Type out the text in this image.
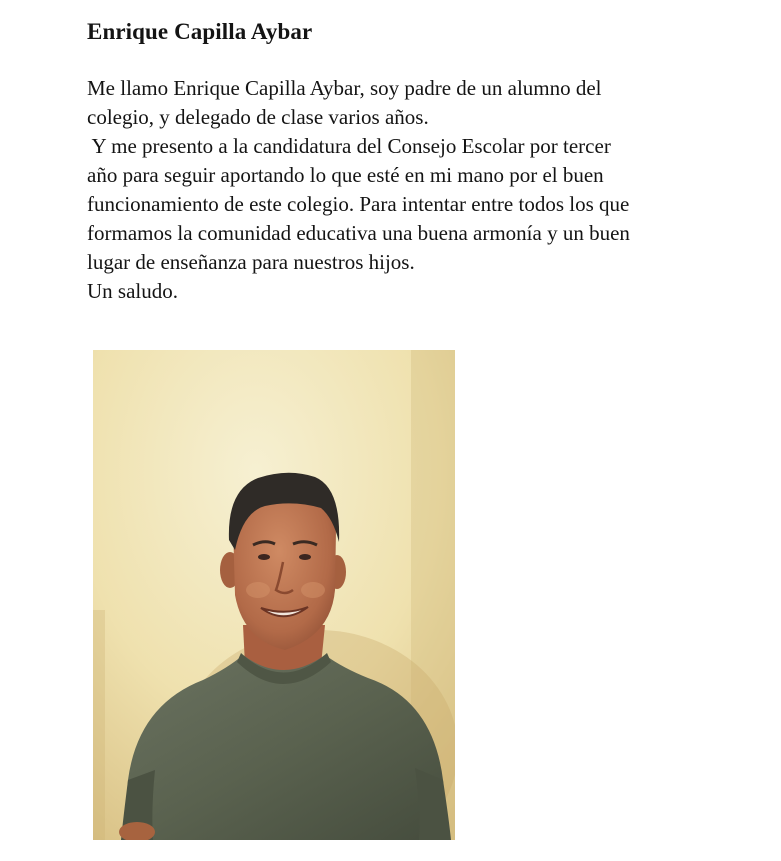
Enrique Capilla Aybar
Me llamo Enrique Capilla Aybar, soy padre de un alumno del
colegio, y delegado de clase varios años.
Y me presento a la candidatura del Consejo Escolar por tercer
año para seguir aportando lo que esté en mi mano por el buen
funcionamiento de este colegio. Para intentar entre todos los que
formamos la comunidad educativa una buena armonía y un buen
lugar de enseñanza para nuestros hijos.
Un saludo.
